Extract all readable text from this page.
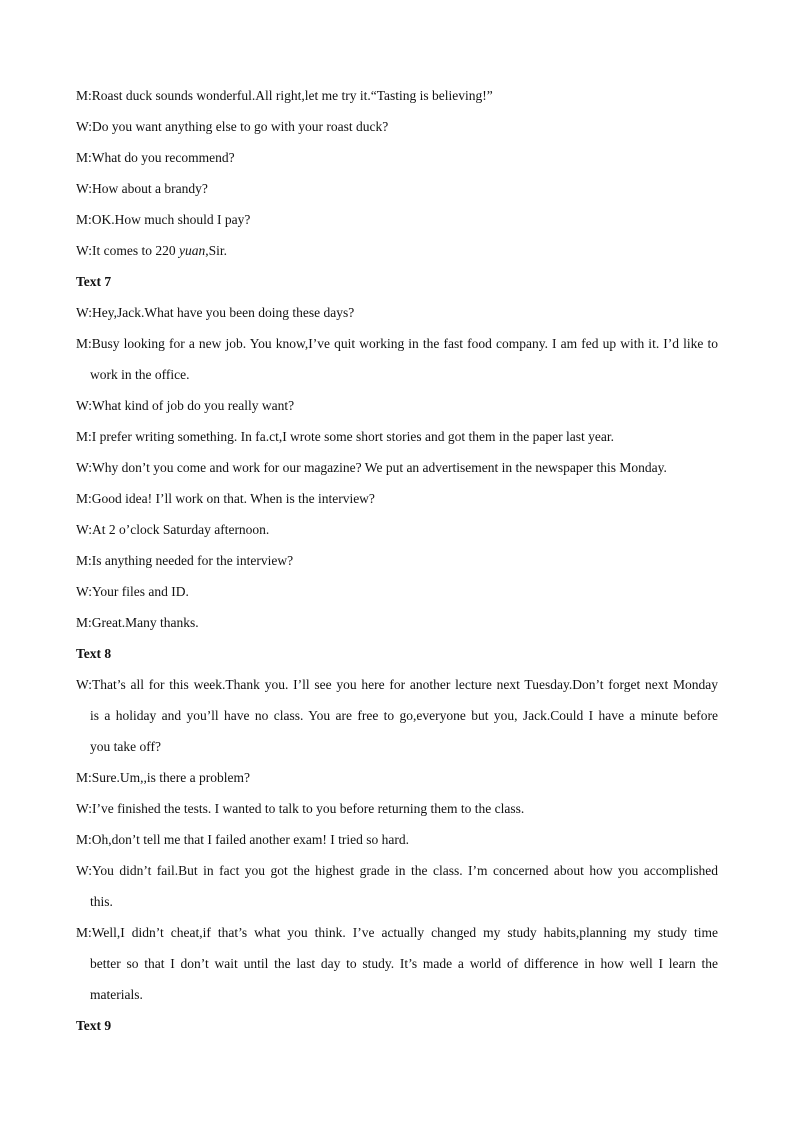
M:Roast duck sounds wonderful.All right,let me try it.“Tasting is believing!”
W:Do you want anything else to go with your roast duck?
M:What do you recommend?
W:How about a brandy?
M:OK.How much should I pay?
W:It comes to 220 yuan,Sir.
Text 7
W:Hey,Jack.What have you been doing these days?
M:Busy looking for a new job. You know,I’ve quit working in the fast food company. I am fed up with it. I’d like to
work in the office.
W:What kind of job do you really want?
M:I prefer writing something. In fa.ct,I wrote some short stories and got them in the paper last year.
W:Why don’t you come and work for our magazine? We put an advertisement in the newspaper this Monday.
M:Good idea! I’ll work on that. When is the interview?
W:At 2 o’clock Saturday afternoon.
M:Is anything needed for the interview?
W:Your files and ID.
M:Great.Many thanks.
Text 8
W:That’s all for this week.Thank you. I’ll see you here for another lecture next Tuesday.Don’t forget next Monday
is a holiday and you’ll have no class. You are free to go,everyone but you, Jack.Could I have a minute before
you take off?
M:Sure.Um,,is there a problem?
W:I’ve finished the tests. I wanted to talk to you before returning them to the class.
M:Oh,don’t tell me that I failed another exam! I tried so hard.
W:You didn’t fail.But in fact you got the highest grade in the class. I’m concerned about how you accomplished
this.
M:Well,I didn’t cheat,if that’s what you think. I’ve actually changed my study habits,planning my study time
better so that I don’t wait until the last day to study. It’s made a world of difference in how well I learn the
materials.
Text 9
